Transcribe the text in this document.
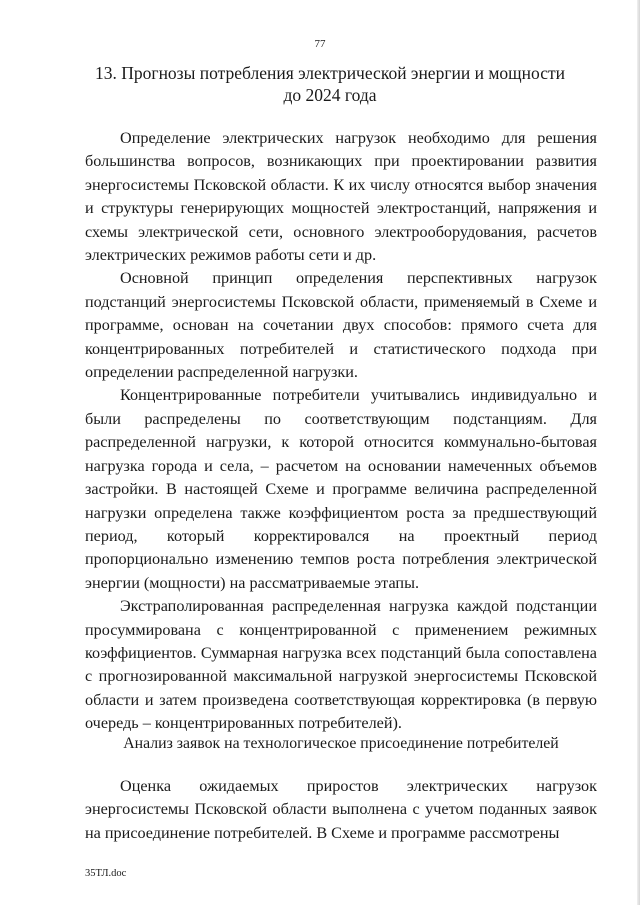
77
13. Прогнозы потребления электрической энергии и мощности
до 2024 года

Определение электрических нагрузок необходимо для решения большинства вопросов, возникающих при проектировании развития энергосистемы Псковской области. К их числу относятся выбор значения и структуры генерирующих мощностей электростанций, напряжения и схемы электрической сети, основного электрооборудования, расчетов электрических режимов работы сети и др.

Основной принцип определения перспективных нагрузок подстанций энергосистемы Псковской области, применяемый в Схеме и программе, основан на сочетании двух способов: прямого счета для концентрированных потребителей и статистического подхода при определении распределенной нагрузки.

Концентрированные потребители учитывались индивидуально и были распределены по соответствующим подстанциям. Для распределенной нагрузки, к которой относится коммунально-бытовая нагрузка города и села, – расчетом на основании намеченных объемов застройки. В настоящей Схеме и программе величина распределенной нагрузки определена также коэффициентом роста за предшествующий период, который корректировался на проектный период пропорционально изменению темпов роста потребления электрической энергии (мощности) на рассматриваемые этапы.

Экстраполированная распределенная нагрузка каждой подстанции просуммирована с концентрированной с применением режимных коэффициентов. Суммарная нагрузка всех подстанций была сопоставлена с прогнозированной максимальной нагрузкой энергосистемы Псковской области и затем произведена соответствующая корректировка (в первую очередь – концентрированных потребителей).

Анализ заявок на технологическое присоединение потребителей

Оценка ожидаемых приростов электрических нагрузок энергосистемы Псковской области выполнена с учетом поданных заявок на присоединение потребителей. В Схеме и программе рассмотрены

35ТЛ.doc
